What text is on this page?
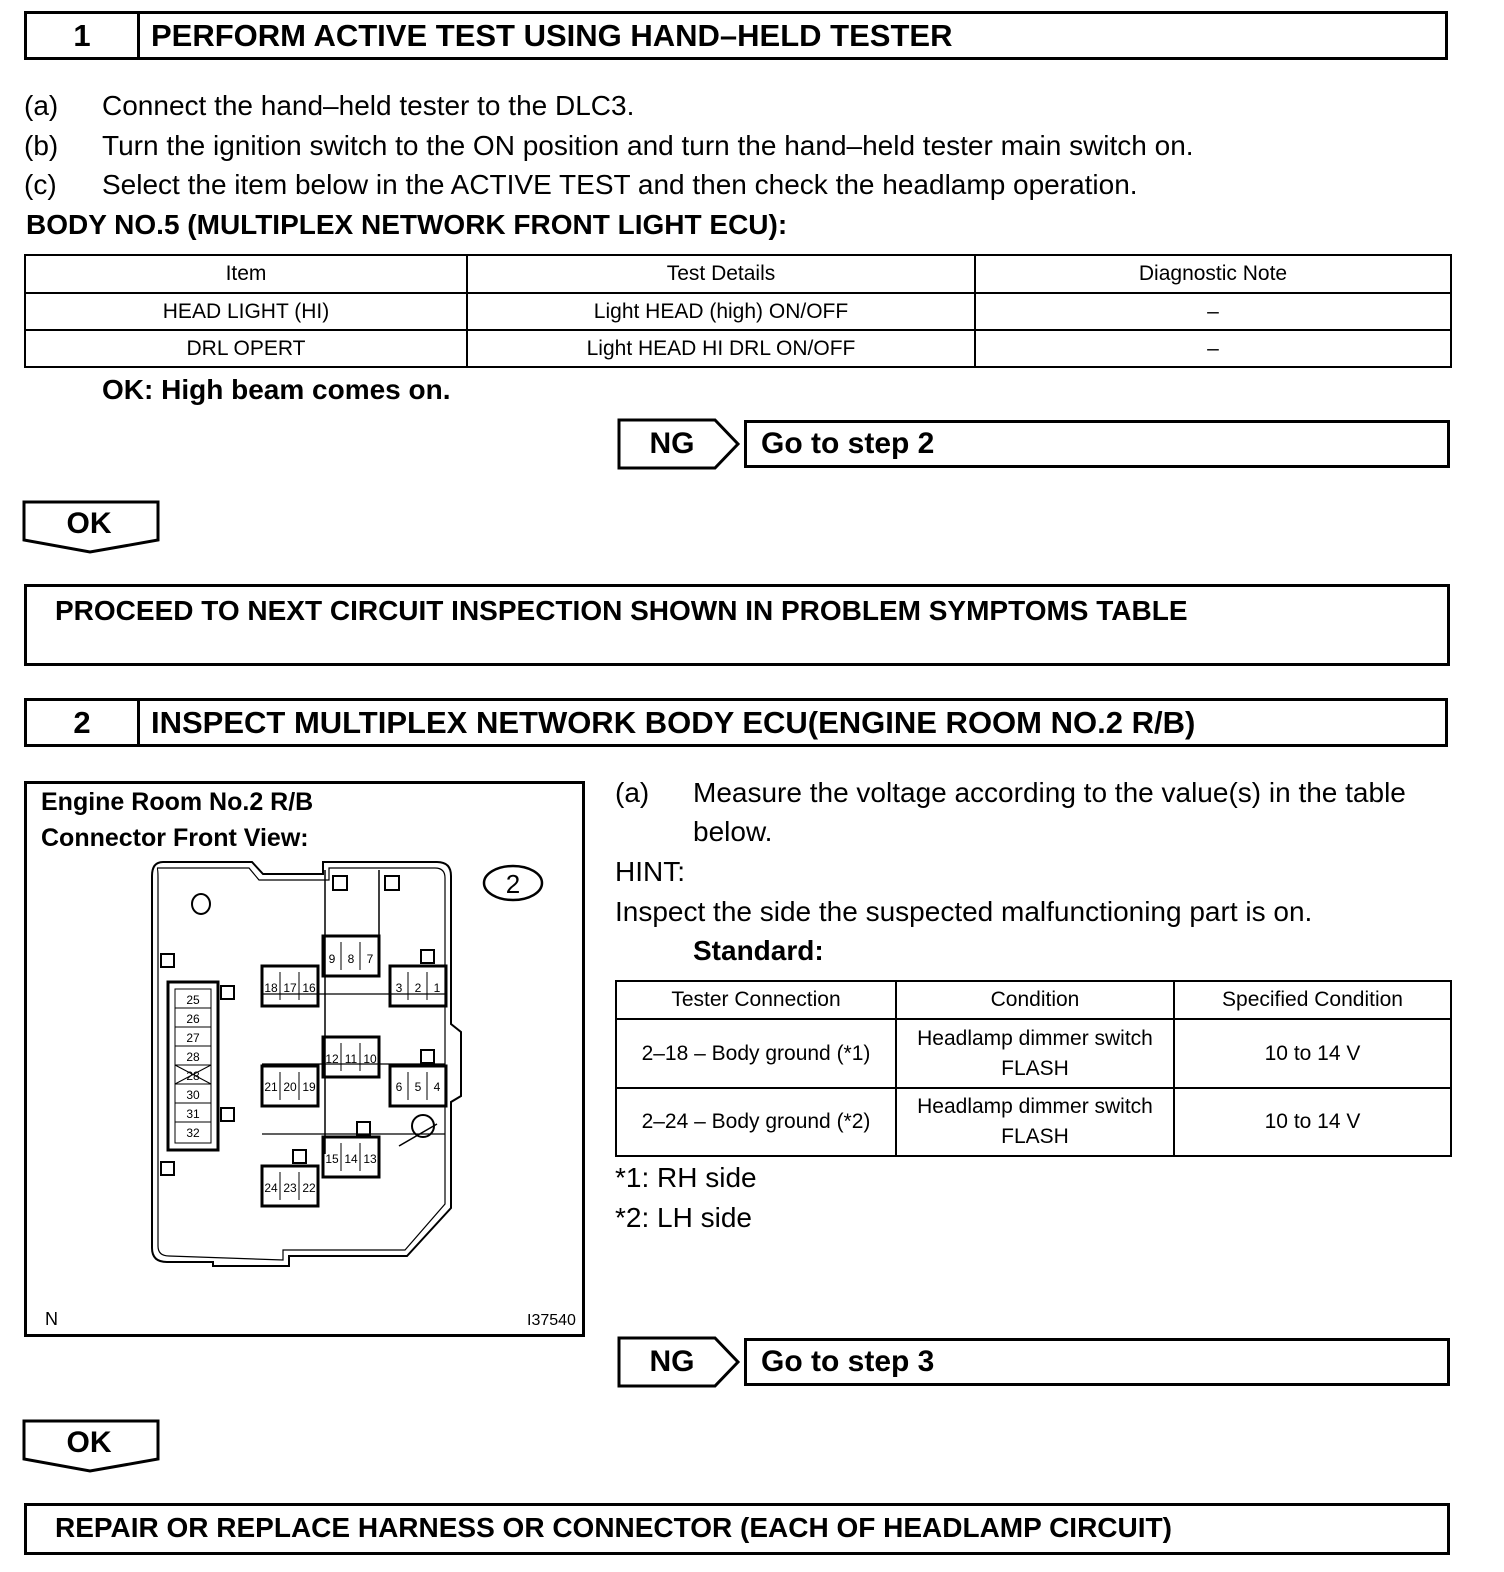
1	PERFORM ACTIVE TEST USING HAND–HELD TESTER
(a) Connect the hand–held tester to the DLC3.
(b) Turn the ignition switch to the ON position and turn the hand–held tester main switch on.
(c) Select the item below in the ACTIVE TEST and then check the headlamp operation.
BODY NO.5 (MULTIPLEX NETWORK FRONT LIGHT ECU):
Item	Test Details	Diagnostic Note
HEAD LIGHT (HI)	Light HEAD (high) ON/OFF	–
DRL OPERT	Light HEAD HI DRL ON/OFF	–
OK: High beam comes on.
NG	Go to step 2
OK
PROCEED TO NEXT CIRCUIT INSPECTION SHOWN IN PROBLEM SYMPTOMS TABLE
2	INSPECT MULTIPLEX NETWORK BODY ECU(ENGINE ROOM NO.2 R/B)
Engine Room No.2 R/B
Connector Front View:
N	I37540
2
25
26
27
28
30
28
31
32
9 8 7
18 17 16	3 2 1
12 11 10
21 20 19	6 5 4
15 14 13
24 23 22
(a) Measure the voltage according to the value(s) in the table
below.
HINT:
Inspect the side the suspected malfunctioning part is on.
Standard:
Tester Connection	Condition	Specified Condition
2–18 – Body ground (*1)	Headlamp dimmer switch
FLASH	10 to 14 V
2–24 – Body ground (*2)	Headlamp dimmer switch
FLASH	10 to 14 V
*1: RH side
*2: LH side
NG	Go to step 3
OK
REPAIR OR REPLACE HARNESS OR CONNECTOR (EACH OF HEADLAMP CIRCUIT)
